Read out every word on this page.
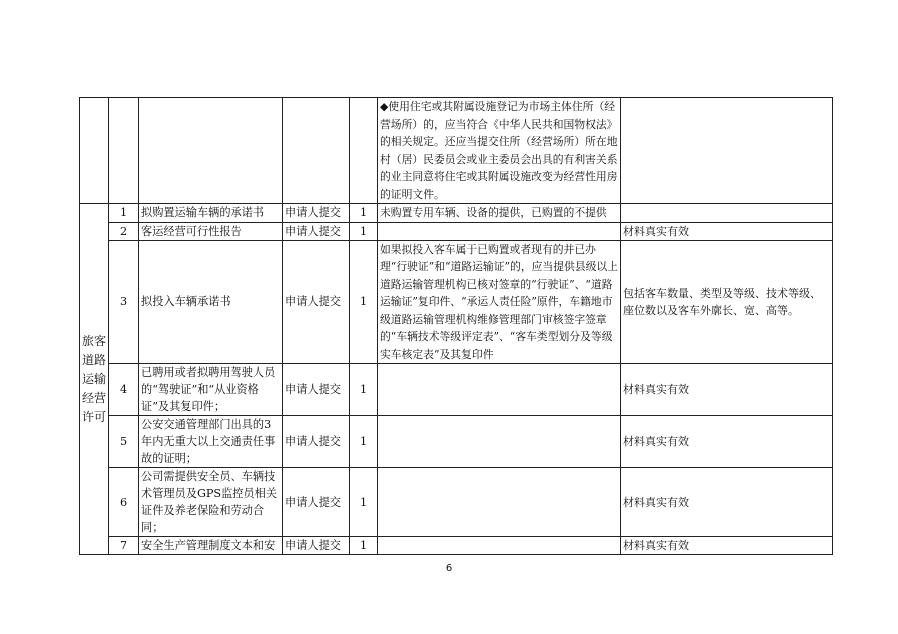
					◆使用住宅或其附属设施登记为市场主体住所（经营场所）的，应当符合《中华人民共和国物权法》的相关规定。还应当提交住所（经营场所）所在地村（居）民委员会或业主委员会出具的有利害关系的业主同意将住宅或其附属设施改变为经营性用房的证明文件。	
旅客道路运输经营许可	1	拟购置运输车辆的承诺书	申请人提交	1	未购置专用车辆、设备的提供，已购置的不提供	
	2	客运经营可行性报告	申请人提交	1		材料真实有效
	3	拟投入车辆承诺书	申请人提交	1	如果拟投入客车属于已购置或者现有的并已办理“行驶证”和“道路运输证”的，应当提供县级以上道路运输管理机构已核对签章的“行驶证”、“道路运输证”复印件、“承运人责任险”原件，车籍地市级道路运输管理机构维修管理部门审核签字签章的“车辆技术等级评定表”、“客车类型划分及等级实车核定表”及其复印件	包括客车数量、类型及等级、技术等级、座位数以及客车外廓长、宽、高等。
	4	已聘用或者拟聘用驾驶人员的“驾驶证”和“从业资格证”及其复印件；	申请人提交	1		材料真实有效
	5	公安交通管理部门出具的3年内无重大以上交通责任事故的证明；	申请人提交	1		材料真实有效
	6	公司需提供安全员、车辆技术管理员及GPS监控员相关证件及养老保险和劳动合同；	申请人提交	1		材料真实有效
	7	安全生产管理制度文本和安	申请人提交	1		材料真实有效
6
